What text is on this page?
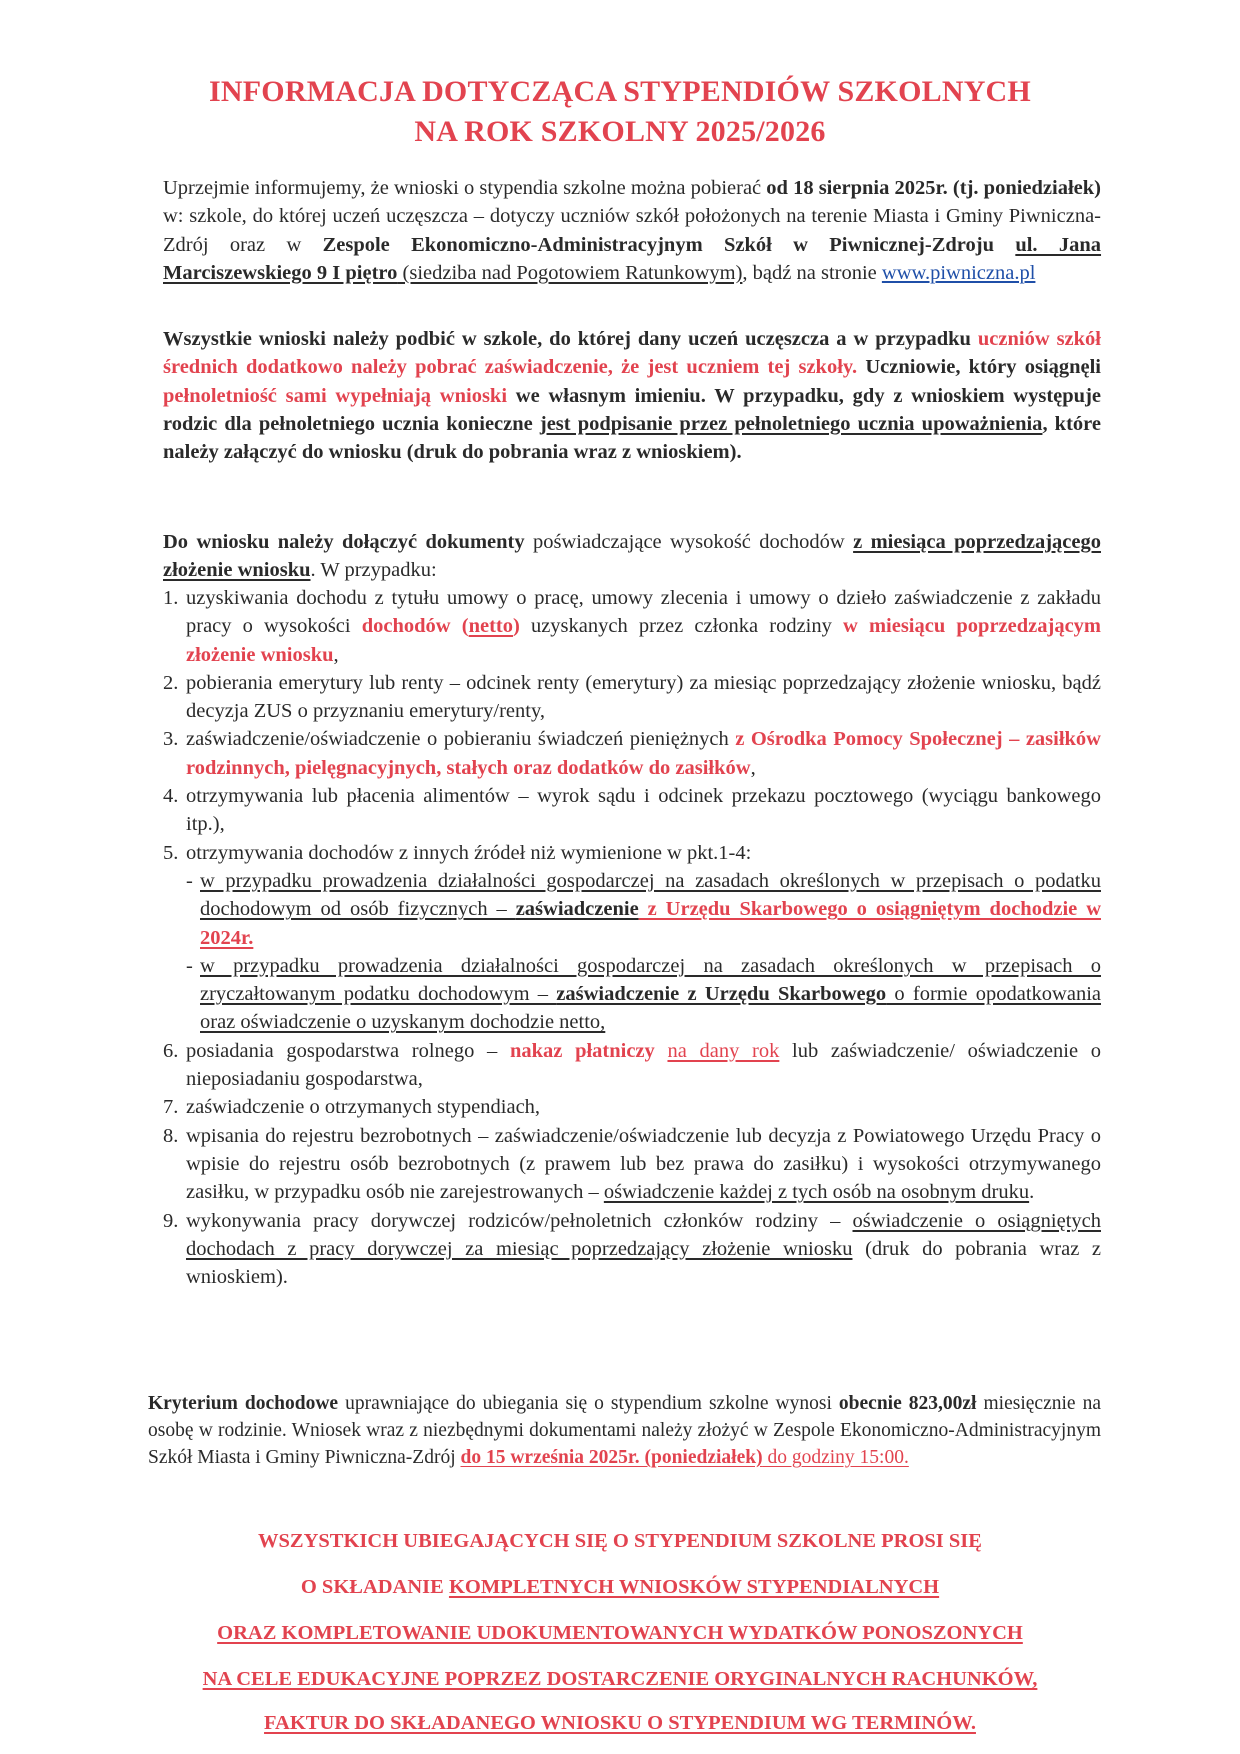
INFORMACJA DOTYCZĄCA STYPENDIÓW SZKOLNYCH
NA ROK SZKOLNY 2025/2026

Uprzejmie informujemy, że wnioski o stypendia szkolne można pobierać od 18 sierpnia 2025r. (tj. poniedziałek) w: szkole, do której uczeń uczęszcza – dotyczy uczniów szkół położonych na terenie Miasta i Gminy Piwniczna-Zdrój oraz w Zespole Ekonomiczno-Administracyjnym Szkół w Piwnicznej-Zdroju ul. Jana Marciszewskiego 9 I piętro (siedziba nad Pogotowiem Ratunkowym), bądź na stronie www.piwniczna.pl

Wszystkie wnioski należy podbić w szkole, do której dany uczeń uczęszcza a w przypadku uczniów szkół średnich dodatkowo należy pobrać zaświadczenie, że jest uczniem tej szkoły. Uczniowie, który osiągnęli pełnoletniość sami wypełniają wnioski we własnym imieniu. W przypadku, gdy z wnioskiem występuje rodzic dla pełnoletniego ucznia konieczne jest podpisanie przez pełnoletniego ucznia upoważnienia, które należy załączyć do wniosku (druk do pobrania wraz z wnioskiem).

Do wniosku należy dołączyć dokumenty poświadczające wysokość dochodów z miesiąca poprzedzającego złożenie wniosku. W przypadku:

1. uzyskiwania dochodu z tytułu umowy o pracę, umowy zlecenia i umowy o dzieło zaświadczenie z zakładu pracy o wysokości dochodów (netto) uzyskanych przez członka rodziny w miesiącu poprzedzającym złożenie wniosku,
2. pobierania emerytury lub renty – odcinek renty (emerytury) za miesiąc poprzedzający złożenie wniosku, bądź decyzja ZUS o przyznaniu emerytury/renty,
3. zaświadczenie/oświadczenie o pobieraniu świadczeń pieniężnych z Ośrodka Pomocy Społecznej – zasiłków rodzinnych, pielęgnacyjnych, stałych oraz dodatków do zasiłków,
4. otrzymywania lub płacenia alimentów – wyrok sądu i odcinek przekazu pocztowego (wyciągu bankowego itp.),
5. otrzymywania dochodów z innych źródeł niż wymienione w pkt.1-4:
- w przypadku prowadzenia działalności gospodarczej na zasadach określonych w przepisach o podatku dochodowym od osób fizycznych – zaświadczenie z Urzędu Skarbowego o osiągniętym dochodzie w 2024r.
- w przypadku prowadzenia działalności gospodarczej na zasadach określonych w przepisach o zryczałtowanym podatku dochodowym – zaświadczenie z Urzędu Skarbowego o formie opodatkowania oraz oświadczenie o uzyskanym dochodzie netto,
6. posiadania gospodarstwa rolnego – nakaz płatniczy na dany rok lub zaświadczenie/ oświadczenie o nieposiadaniu gospodarstwa,
7. zaświadczenie o otrzymanych stypendiach,
8. wpisania do rejestru bezrobotnych – zaświadczenie/oświadczenie lub decyzja z Powiatowego Urzędu Pracy o wpisie do rejestru osób bezrobotnych (z prawem lub bez prawa do zasiłku) i wysokości otrzymywanego zasiłku, w przypadku osób nie zarejestrowanych – oświadczenie każdej z tych osób na osobnym druku.
9. wykonywania pracy dorywczej rodziców/pełnoletnich członków rodziny – oświadczenie o osiągniętych dochodach z pracy dorywczej za miesiąc poprzedzający złożenie wniosku (druk do pobrania wraz z wnioskiem).

Kryterium dochodowe uprawniające do ubiegania się o stypendium szkolne wynosi obecnie 823,00zł miesięcznie na osobę w rodzinie. Wniosek wraz z niezbędnymi dokumentami należy złożyć w Zespole Ekonomiczno-Administracyjnym Szkół Miasta i Gminy Piwniczna-Zdrój do 15 września 2025r. (poniedziałek) do godziny 15:00.

WSZYSTKICH UBIEGAJĄCYCH SIĘ O STYPENDIUM SZKOLNE PROSI SIĘ
O SKŁADANIE KOMPLETNYCH WNIOSKÓW STYPENDIALNYCH
ORAZ KOMPLETOWANIE UDOKUMENTOWANYCH WYDATKÓW PONOSZONYCH
NA CELE EDUKACYJNE POPRZEZ DOSTARCZENIE ORYGINALNYCH RACHUNKÓW,
FAKTUR DO SKŁADANEGO WNIOSKU O STYPENDIUM WG TERMINÓW.
